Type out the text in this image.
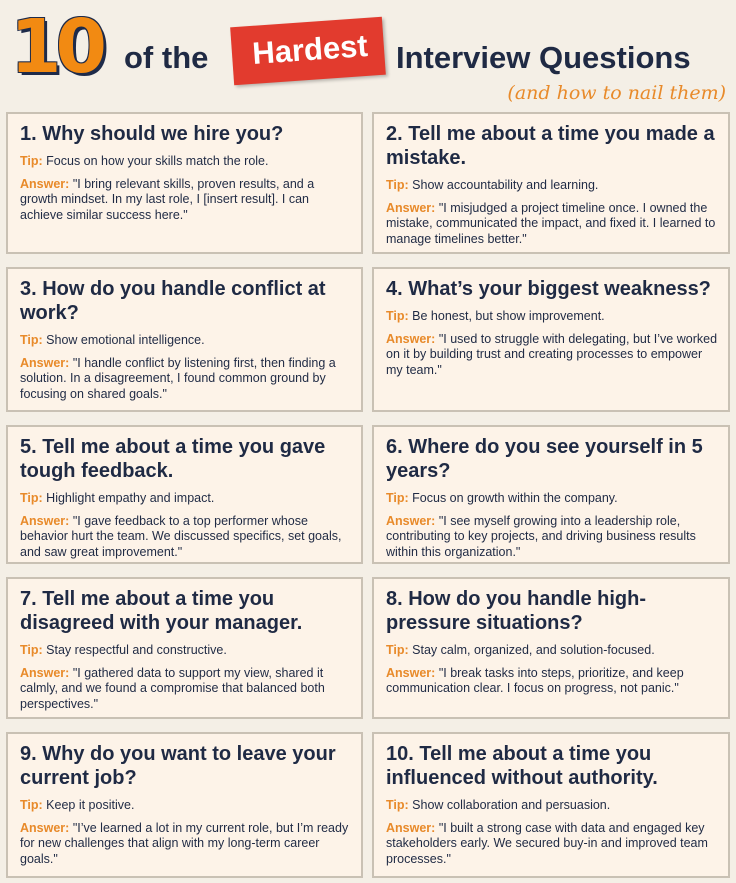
10 of the Hardest Interview Questions
(and how to nail them)
1. Why should we hire you?
Tip: Focus on how your skills match the role.
Answer: "I bring relevant skills, proven results, and a growth mindset. In my last role, I [insert result]. I can achieve similar success here."
2. Tell me about a time you made a mistake.
Tip: Show accountability and learning.
Answer: "I misjudged a project timeline once. I owned the mistake, communicated the impact, and fixed it. I learned to manage timelines better."
3. How do you handle conflict at work?
Tip: Show emotional intelligence.
Answer: "I handle conflict by listening first, then finding a solution. In a disagreement, I found common ground by focusing on shared goals."
4. What’s your biggest weakness?
Tip: Be honest, but show improvement.
Answer: "I used to struggle with delegating, but I’ve worked on it by building trust and creating processes to empower my team."
5. Tell me about a time you gave tough feedback.
Tip: Highlight empathy and impact.
Answer: "I gave feedback to a top performer whose behavior hurt the team. We discussed specifics, set goals, and saw great improvement."
6. Where do you see yourself in 5 years?
Tip: Focus on growth within the company.
Answer: "I see myself growing into a leadership role, contributing to key projects, and driving business results within this organization."
7. Tell me about a time you disagreed with your manager.
Tip: Stay respectful and constructive.
Answer: "I gathered data to support my view, shared it calmly, and we found a compromise that balanced both perspectives."
8. How do you handle high-pressure situations?
Tip: Stay calm, organized, and solution-focused.
Answer: "I break tasks into steps, prioritize, and keep communication clear. I focus on progress, not panic."
9. Why do you want to leave your current job?
Tip: Keep it positive.
Answer: "I’ve learned a lot in my current role, but I’m ready for new challenges that align with my long-term career goals."
10. Tell me about a time you influenced without authority.
Tip: Show collaboration and persuasion.
Answer: "I built a strong case with data and engaged key stakeholders early. We secured buy-in and improved team processes."
